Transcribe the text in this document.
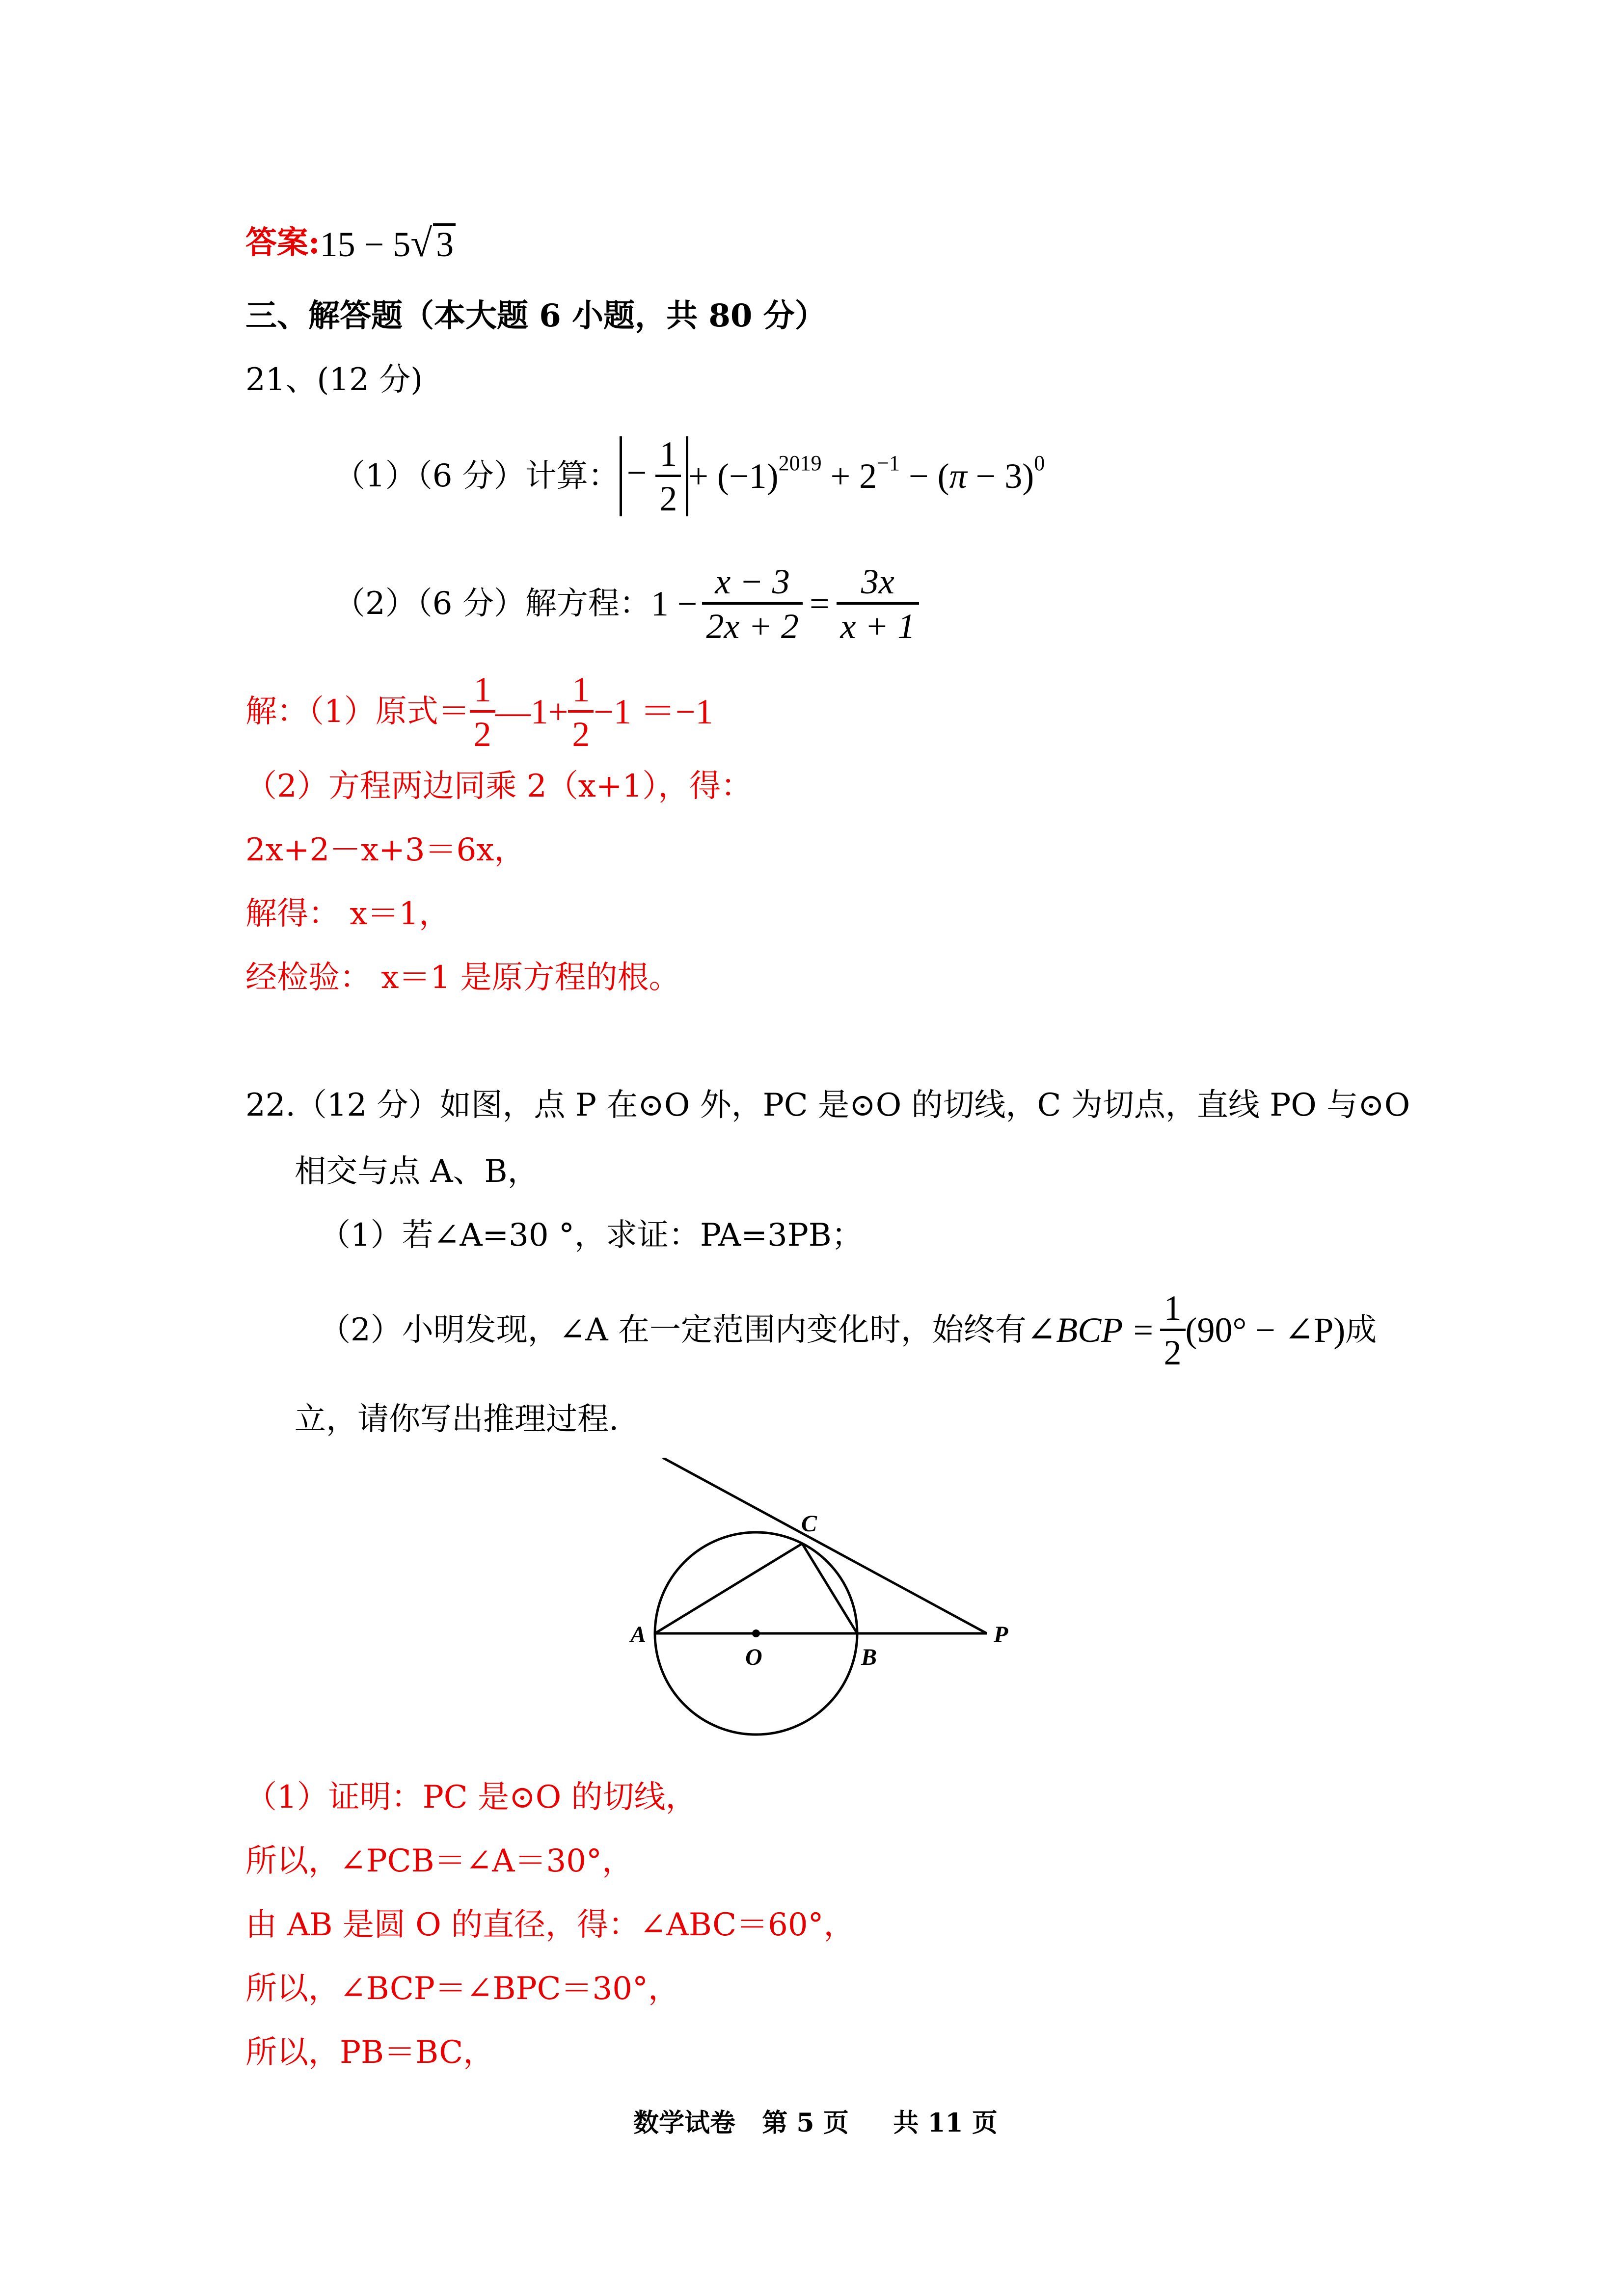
答案: 15 − 5√ 3
三、解答题（本大题 6 小题，共 80 分）
21、(12 分)
（1）（6 分）计算： − $\frac{1}{2} + (-1)^{2019} + 2^{-1} - (\pi - 3)^0$
（2）（6 分）解方程： $1 - \frac{x - 3}{2x + 2} = \frac{3x}{x + 1}$
解：（1）原式＝ $\frac{1}{2}$ —1+ $\frac{1}{2} -1 =-1$
（2）方程两边同乘 2（x+1），得：
2x+2－x+3＝6x，
解得： x＝1，
经检验： x＝1 是原方程的根。
22.（12 分）如图，点 P 在⊙O 外，PC 是⊙O 的切线，C 为切点，直线 PO 与⊙O
相交与点 A、B，
（1）若∠A=30 °，求证：PA=3PB；
（2）小明发现，∠A 在一定范围内变化时，始终有 ∠BCP = $\frac{1}{2} (90^\circ$ − ∠P) 成
立，请你写出推理过程.
A
O	B
C
P
（1）证明：PC 是⊙O 的切线，
所以，∠PCB＝∠A＝30°，
由 AB 是圆 O 的直径，得：∠ABC＝60°，
所以，∠BCP＝∠BPC＝30°，
所以，PB＝BC，
数学试卷   第 5 页     共 11 页
